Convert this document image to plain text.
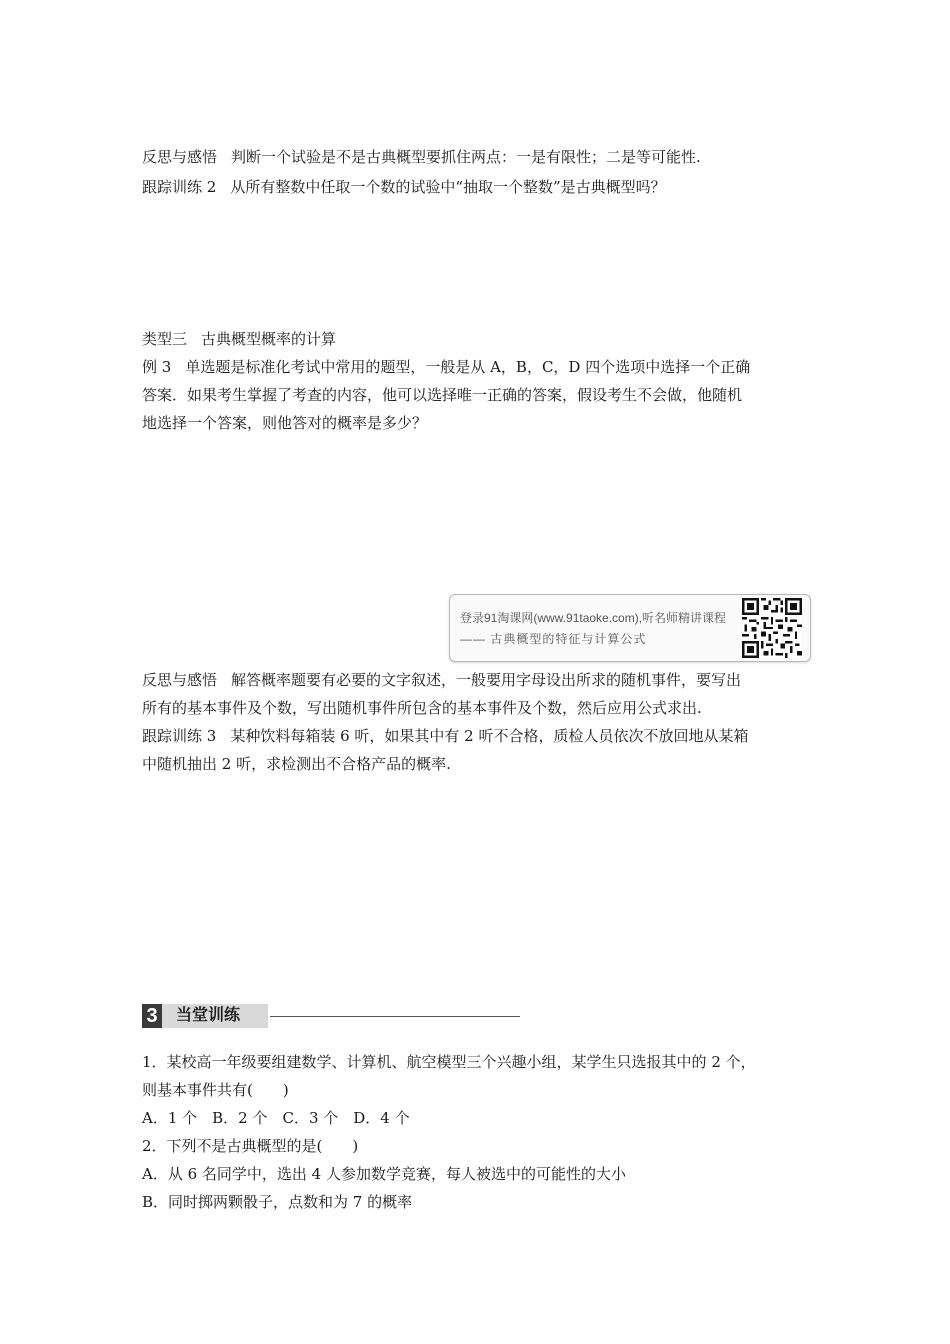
反思与感悟 判断一个试验是不是古典概型要抓住两点：一是有限性；二是等可能性.
跟踪训练 2 从所有整数中任取一个数的试验中“抽取一个整数”是古典概型吗？
类型三 古典概型概率的计算
例 3 单选题是标准化考试中常用的题型，一般是从 A，B，C，D 四个选项中选择一个正确
答案．如果考生掌握了考查的内容，他可以选择唯一正确的答案，假设考生不会做，他随机
地选择一个答案，则他答对的概率是多少？
登录91淘课网(www.91taoke.com),听名师精讲课程
—— 古典概型的特征与计算公式
反思与感悟 解答概率题要有必要的文字叙述，一般要用字母设出所求的随机事件，要写出
所有的基本事件及个数，写出随机事件所包含的基本事件及个数，然后应用公式求出.
跟踪训练 3 某种饮料每箱装 6 听，如果其中有 2 听不合格，质检人员依次不放回地从某箱
中随机抽出 2 听，求检测出不合格产品的概率.
3	当堂训练
1．某校高一年级要组建数学、计算机、航空模型三个兴趣小组，某学生只选报其中的 2 个，
则基本事件共有(　　)
A．1 个　B．2 个　C．3 个　D．4 个
2．下列不是古典概型的是(　　)
A．从 6 名同学中，选出 4 人参加数学竞赛，每人被选中的可能性的大小
B．同时掷两颗骰子，点数和为 7 的概率
